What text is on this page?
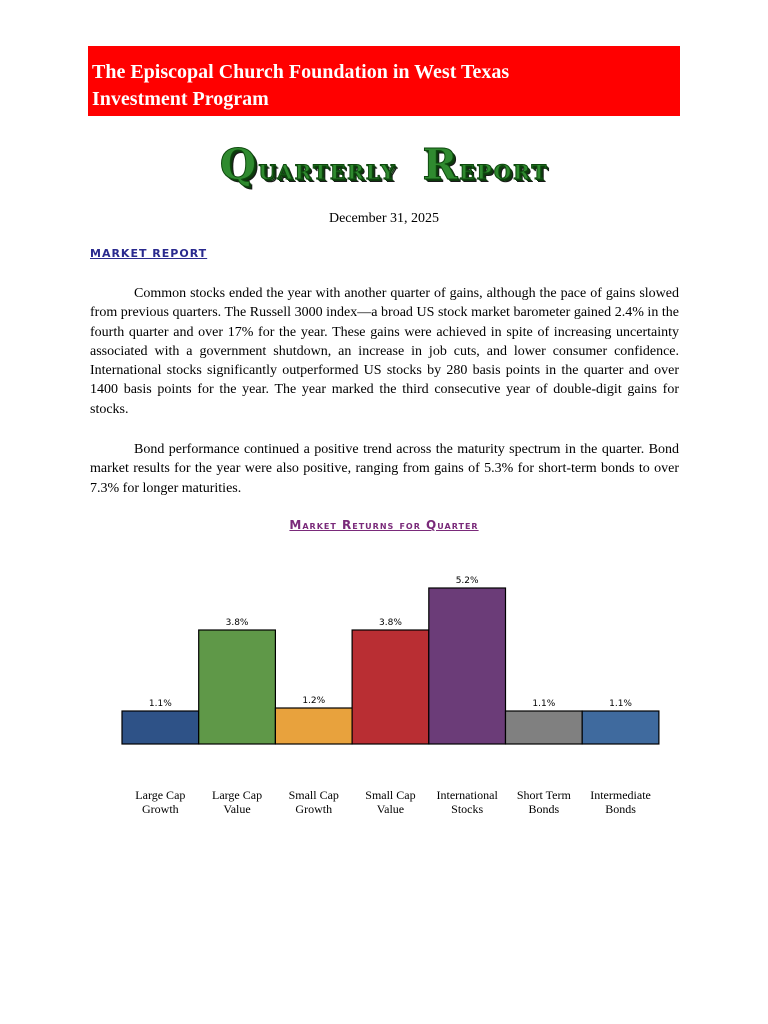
The Episcopal Church Foundation in West Texas
Investment Program
Quarterly Report
December 31, 2025
MARKET REPORT

Common stocks ended the year with another quarter of gains, although the pace of gains slowed from previous quarters. The Russell 3000 index—a broad US stock market barometer gained 2.4% in the fourth quarter and over 17% for the year. These gains were achieved in spite of increasing uncertainty associated with a government shutdown, an increase in job cuts, and lower consumer confidence. International stocks significantly outperformed US stocks by 280 basis points in the quarter and over 1400 basis points for the year. The year marked the third consecutive year of double-digit gains for stocks.

Bond performance continued a positive trend across the maturity spectrum in the quarter. Bond market results for the year were also positive, ranging from gains of 5.3% for short-term bonds to over 7.3% for longer maturities.

Market Returns for Quarter
1.1%
Large Cap
Growth
3.8%
Large Cap
Value
1.2%
Small Cap
Growth
3.8%
Small Cap
Value
5.2%
International
Stocks
1.1%
Short Term
Bonds
1.1%
Intermediate
Bonds
